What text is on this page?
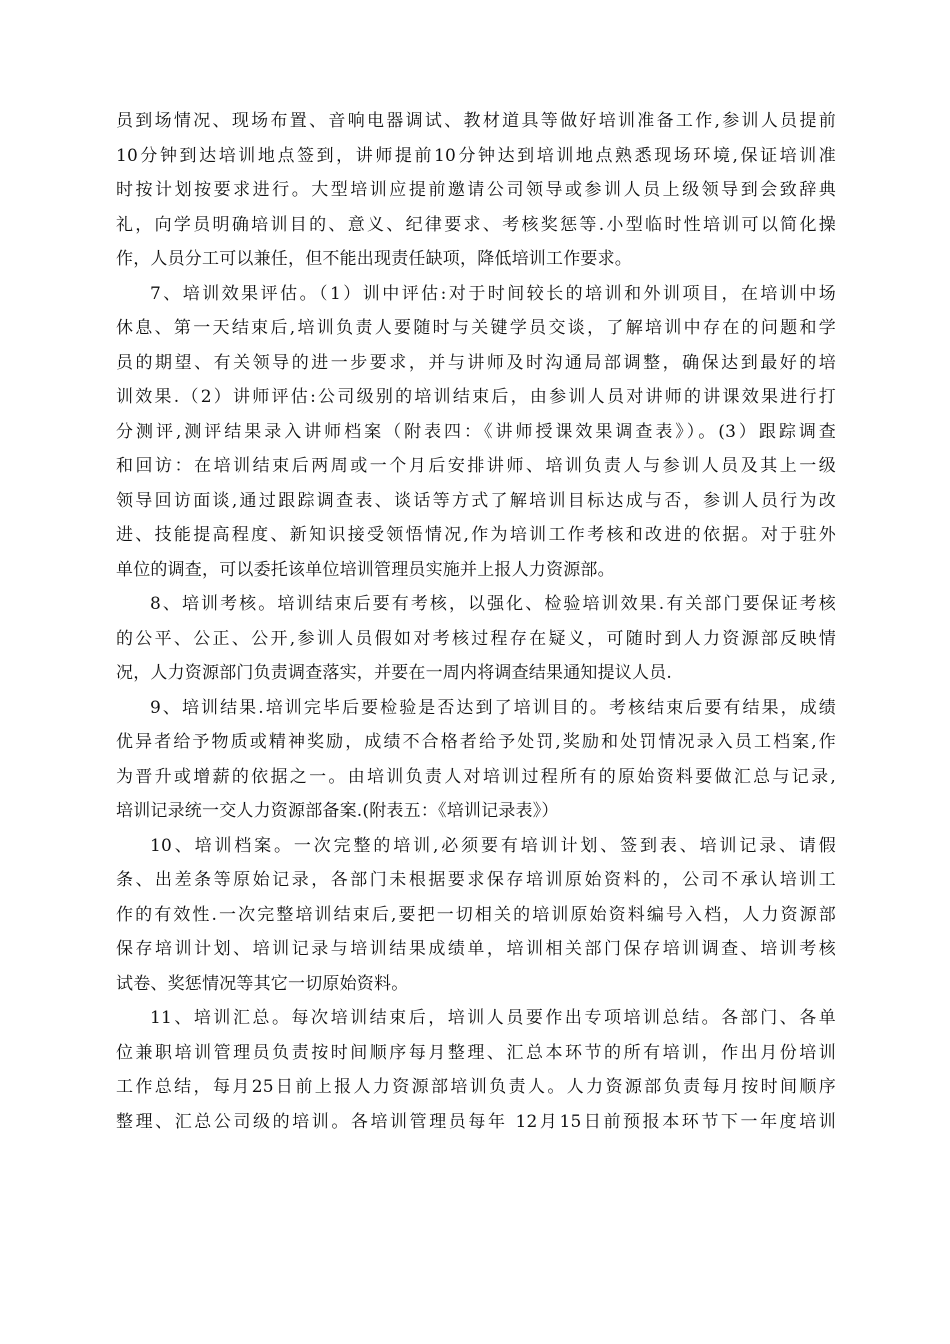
员到场情况、现场布置、音响电器调试、教材道具等做好培训准备工作,参训人员提前
10分钟到达培训地点签到，讲师提前10分钟达到培训地点熟悉现场环境,保证培训准
时按计划按要求进行。大型培训应提前邀请公司领导或参训人员上级领导到会致辞典
礼，向学员明确培训目的、意义、纪律要求、考核奖惩等.小型临时性培训可以简化操
作，人员分工可以兼任，但不能出现责任缺项，降低培训工作要求。
7、培训效果评估。（1）训中评估:对于时间较长的培训和外训项目，在培训中场
休息、第一天结束后,培训负责人要随时与关键学员交谈，了解培训中存在的问题和学
员的期望、有关领导的进一步要求，并与讲师及时沟通局部调整，确保达到最好的培
训效果.（2）讲师评估:公司级别的培训结束后，由参训人员对讲师的讲课效果进行打
分测评,测评结果录入讲师档案（附表四：《讲师授课效果调查表》）。(3）跟踪调查
和回访：在培训结束后两周或一个月后安排讲师、培训负责人与参训人员及其上一级
领导回访面谈,通过跟踪调查表、谈话等方式了解培训目标达成与否，参训人员行为改
进、技能提高程度、新知识接受领悟情况,作为培训工作考核和改进的依据。对于驻外
单位的调查，可以委托该单位培训管理员实施并上报人力资源部。
8、培训考核。培训结束后要有考核，以强化、检验培训效果.有关部门要保证考核
的公平、公正、公开,参训人员假如对考核过程存在疑义，可随时到人力资源部反映情
况，人力资源部门负责调查落实，并要在一周内将调查结果通知提议人员.
9、培训结果.培训完毕后要检验是否达到了培训目的。考核结束后要有结果，成绩
优异者给予物质或精神奖励，成绩不合格者给予处罚,奖励和处罚情况录入员工档案,作
为晋升或增薪的依据之一。由培训负责人对培训过程所有的原始资料要做汇总与记录,
培训记录统一交人力资源部备案.(附表五：《培训记录表》）
10、培训档案。一次完整的培训,必须要有培训计划、签到表、培训记录、请假
条、出差条等原始记录，各部门未根据要求保存培训原始资料的，公司不承认培训工
作的有效性.一次完整培训结束后,要把一切相关的培训原始资料编号入档，人力资源部
保存培训计划、培训记录与培训结果成绩单，培训相关部门保存培训调查、培训考核
试卷、奖惩情况等其它一切原始资料。
11、培训汇总。每次培训结束后，培训人员要作出专项培训总结。各部门、各单
位兼职培训管理员负责按时间顺序每月整理、汇总本环节的所有培训，作出月份培训
工作总结，每月25日前上报人力资源部培训负责人。人力资源部负责每月按时间顺序
整理、汇总公司级的培训。各培训管理员每年 12月15日前预报本环节下一年度培训
